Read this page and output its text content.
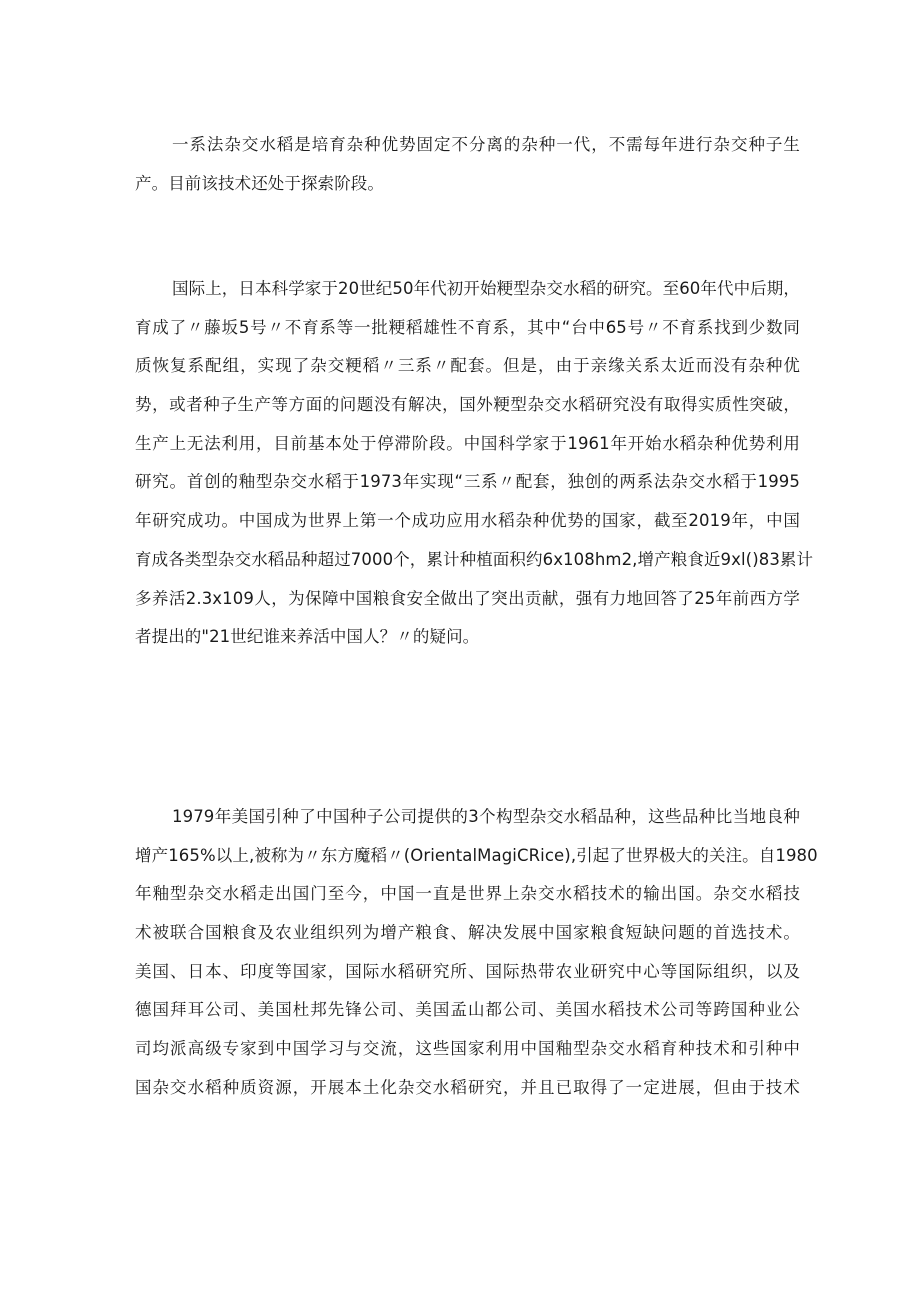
一系法杂交水稻是培育杂种优势固定不分离的杂种一代，不需每年进行杂交种子生
产。目前该技术还处于探索阶段。
国际上，日本科学家于20世纪50年代初开始粳型杂交水稻的研究。至60年代中后期，
育成了〃藤坂5号〃不育系等一批粳稻雄性不育系，其中“台中65号〃不育系找到少数同
质恢复系配组，实现了杂交粳稻〃三系〃配套。但是，由于亲缘关系太近而没有杂种优
势，或者种子生产等方面的问题没有解决，国外粳型杂交水稻研究没有取得实质性突破，
生产上无法利用，目前基本处于停滞阶段。中国科学家于1961年开始水稻杂种优势利用
研究。首创的釉型杂交水稻于1973年实现“三系〃配套，独创的两系法杂交水稻于1995
年研究成功。中国成为世界上第一个成功应用水稻杂种优势的国家，截至2019年，中国
育成各类型杂交水稻品种超过7000个，累计种植面积约6x108hm2,增产粮食近9xl()83累计
多养活2.3x109人，为保障中国粮食安全做出了突出贡献，强有力地回答了25年前西方学
者提出的"21世纪谁来养活中国人？〃的疑问。
1979年美国引种了中国种子公司提供的3个构型杂交水稻品种，这些品种比当地良种
增产165%以上,被称为〃东方魔稻〃(OrientalMagiCRice),引起了世界极大的关注。自1980
年釉型杂交水稻走出国门至今，中国一直是世界上杂交水稻技术的输出国。杂交水稻技
术被联合国粮食及农业组织列为增产粮食、解决发展中国家粮食短缺问题的首选技术。
美国、日本、印度等国家，国际水稻研究所、国际热带农业研究中心等国际组织，以及
德国拜耳公司、美国杜邦先锋公司、美国孟山都公司、美国水稻技术公司等跨国种业公
司均派高级专家到中国学习与交流，这些国家利用中国釉型杂交水稻育种技术和引种中
国杂交水稻种质资源，开展本土化杂交水稻研究，并且已取得了一定进展，但由于技术
